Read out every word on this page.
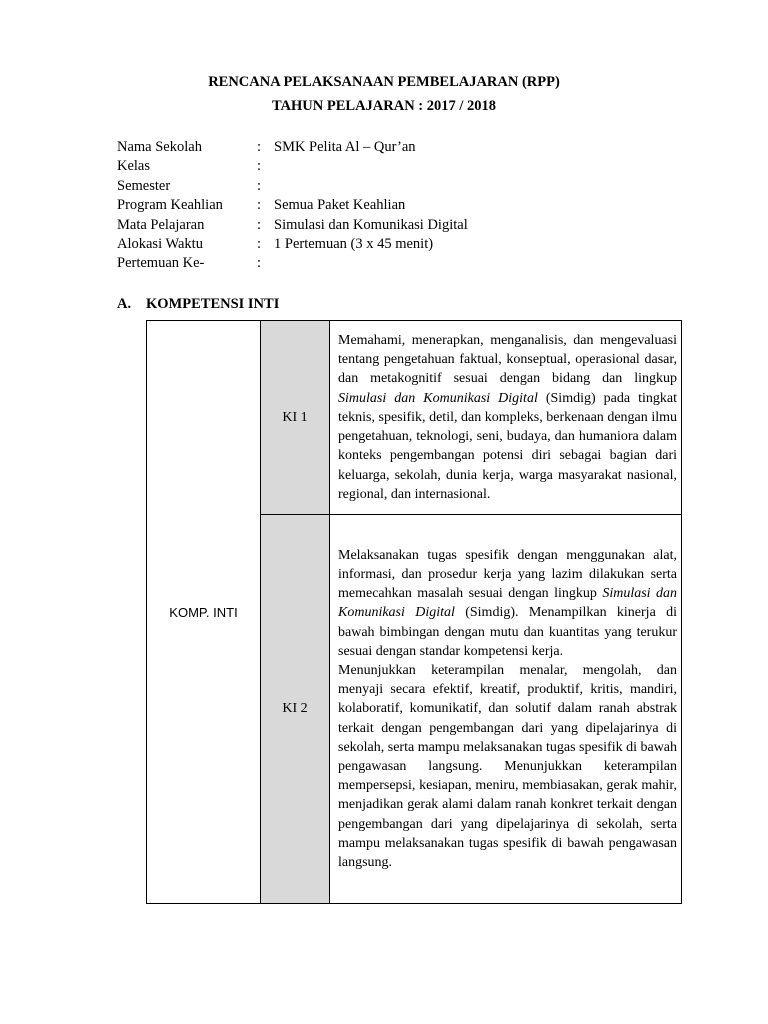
RENCANA PELAKSANAAN PEMBELAJARAN (RPP)
TAHUN PELAJARAN : 2017 / 2018
Nama Sekolah	:	SMK Pelita Al – Qur’an
Kelas	:	
Semester	:	
Program Keahlian	:	Semua Paket Keahlian
Mata Pelajaran	:	Simulasi dan Komunikasi Digital
Alokasi Waktu	:	1 Pertemuan (3 x 45 menit)
Pertemuan Ke-	:	
A. KOMPETENSI INTI
KOMP. INTI	KI 1	Memahami, menerapkan, menganalisis, dan mengevaluasi tentang pengetahuan faktual, konseptual, operasional dasar, dan metakognitif sesuai dengan bidang dan lingkup Simulasi dan Komunikasi Digital (Simdig) pada tingkat teknis, spesifik, detil, dan kompleks, berkenaan dengan ilmu pengetahuan, teknologi, seni, budaya, dan humaniora dalam konteks pengembangan potensi diri sebagai bagian dari keluarga, sekolah, dunia kerja, warga masyarakat nasional, regional, dan internasional.

	KI 2	Melaksanakan tugas spesifik dengan menggunakan alat, informasi, dan prosedur kerja yang lazim dilakukan serta memecahkan masalah sesuai dengan lingkup Simulasi dan Komunikasi Digital (Simdig). Menampilkan kinerja di bawah bimbingan dengan mutu dan kuantitas yang terukur sesuai dengan standar kompetensi kerja.

Menunjukkan keterampilan menalar, mengolah, dan menyaji secara efektif, kreatif, produktif, kritis, mandiri, kolaboratif, komunikatif, dan solutif dalam ranah abstrak terkait dengan pengembangan dari yang dipelajarinya di sekolah, serta mampu melaksanakan tugas spesifik di bawah pengawasan langsung. Menunjukkan keterampilan mempersepsi, kesiapan, meniru, membiasakan, gerak mahir, menjadikan gerak alami dalam ranah konkret terkait dengan pengembangan dari yang dipelajarinya di sekolah, serta mampu melaksanakan tugas spesifik di bawah pengawasan langsung.
